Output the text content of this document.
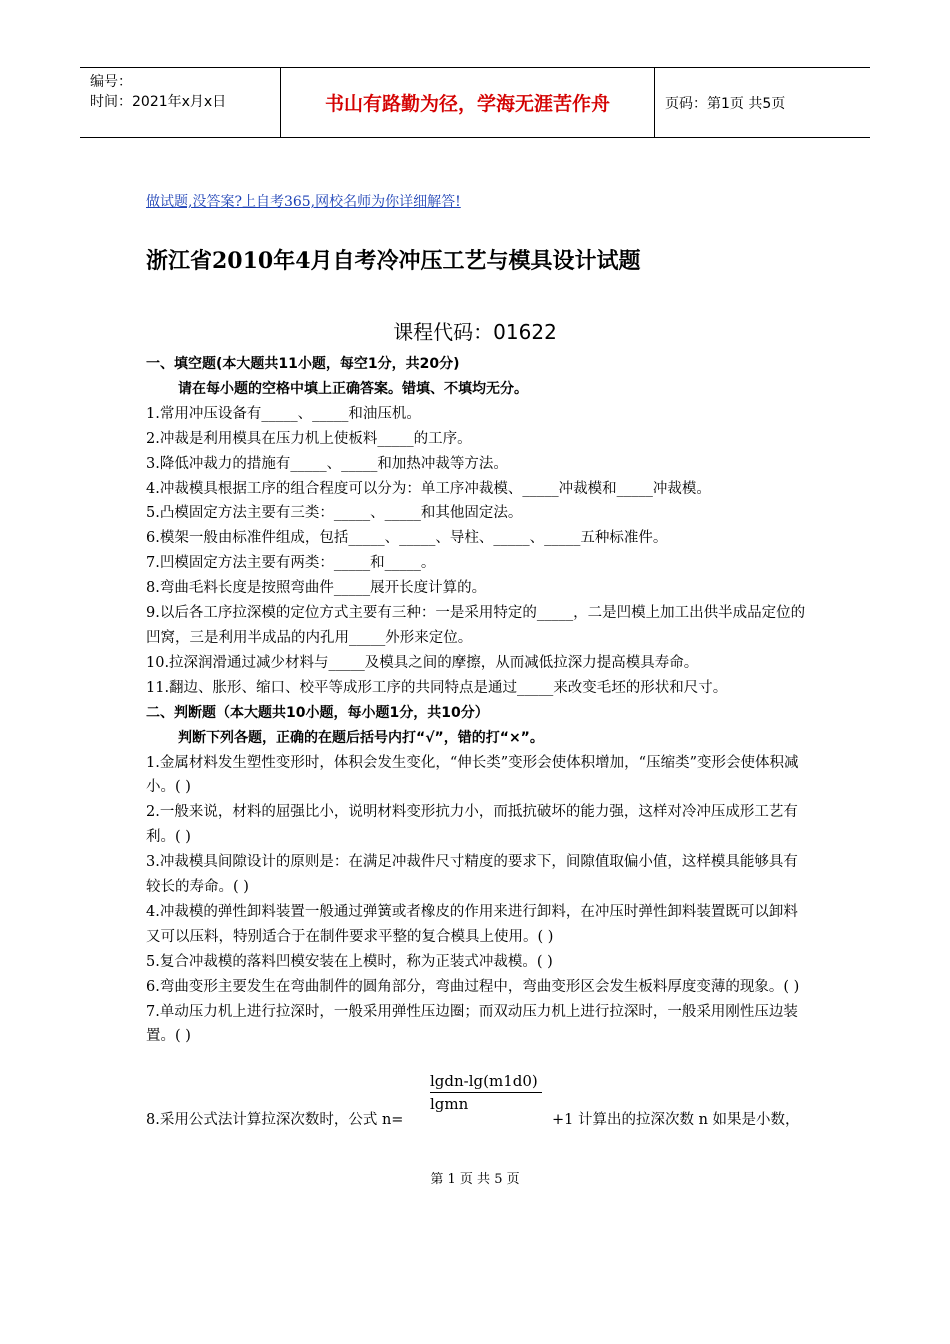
编号：
时间：2021年x月x日	书山有路勤为径，学海无涯苦作舟	页码：第1页 共5页
做试题,没答案?上自考365,网校名师为你详细解答!
浙江省2010年4月自考冷冲压工艺与模具设计试题
课程代码：01622
一、填空题(本大题共11小题，每空1分，共20分)
请在每小题的空格中填上正确答案。错填、不填均无分。
1.常用冲压设备有_____、_____和油压机。
2.冲裁是利用模具在压力机上使板料_____的工序。
3.降低冲裁力的措施有_____、_____和加热冲裁等方法。
4.冲裁模具根据工序的组合程度可以分为：单工序冲裁模、_____冲裁模和_____冲裁模。
5.凸模固定方法主要有三类：_____、_____和其他固定法。
6.模架一般由标准件组成，包括_____、_____、导柱、_____、_____五种标准件。
7.凹模固定方法主要有两类：_____和_____。
8.弯曲毛料长度是按照弯曲件_____展开长度计算的。
9.以后各工序拉深模的定位方式主要有三种：一是采用特定的_____，二是凹模上加工出供半成品定位的凹窝，三是利用半成品的内孔用_____外形来定位。
10.拉深润滑通过减少材料与_____及模具之间的摩擦，从而减低拉深力提高模具寿命。
11.翻边、胀形、缩口、校平等成形工序的共同特点是通过_____来改变毛坯的形状和尺寸。
二、判断题（本大题共10小题，每小题1分，共10分）
判断下列各题，正确的在题后括号内打“√”，错的打“×”。
1.金属材料发生塑性变形时，体积会发生变化，“伸长类”变形会使体积增加，“压缩类”变形会使体积减小。( )
2.一般来说，材料的屈强比小，说明材料变形抗力小，而抵抗破坏的能力强，这样对冷冲压成形工艺有利。( )
3.冲裁模具间隙设计的原则是：在满足冲裁件尺寸精度的要求下，间隙值取偏小值，这样模具能够具有较长的寿命。( )
4.冲裁模的弹性卸料装置一般通过弹簧或者橡皮的作用来进行卸料，在冲压时弹性卸料装置既可以卸料又可以压料，特别适合于在制件要求平整的复合模具上使用。( )
5.复合冲裁模的落料凹模安装在上模时，称为正装式冲裁模。( )
6.弯曲变形主要发生在弯曲制件的圆角部分，弯曲过程中，弯曲变形区会发生板料厚度变薄的现象。( )
7.单动压力机上进行拉深时，一般采用弹性压边圈；而双动压力机上进行拉深时，一般采用刚性压边装置。( )
$\frac{\text{lgdn-lg(m1d0)}}{\text{lgmn}}$
8.采用公式法计算拉深次数时，公式 n=	+1 计算出的拉深次数 n 如果是小数，
第 1 页 共 5 页
